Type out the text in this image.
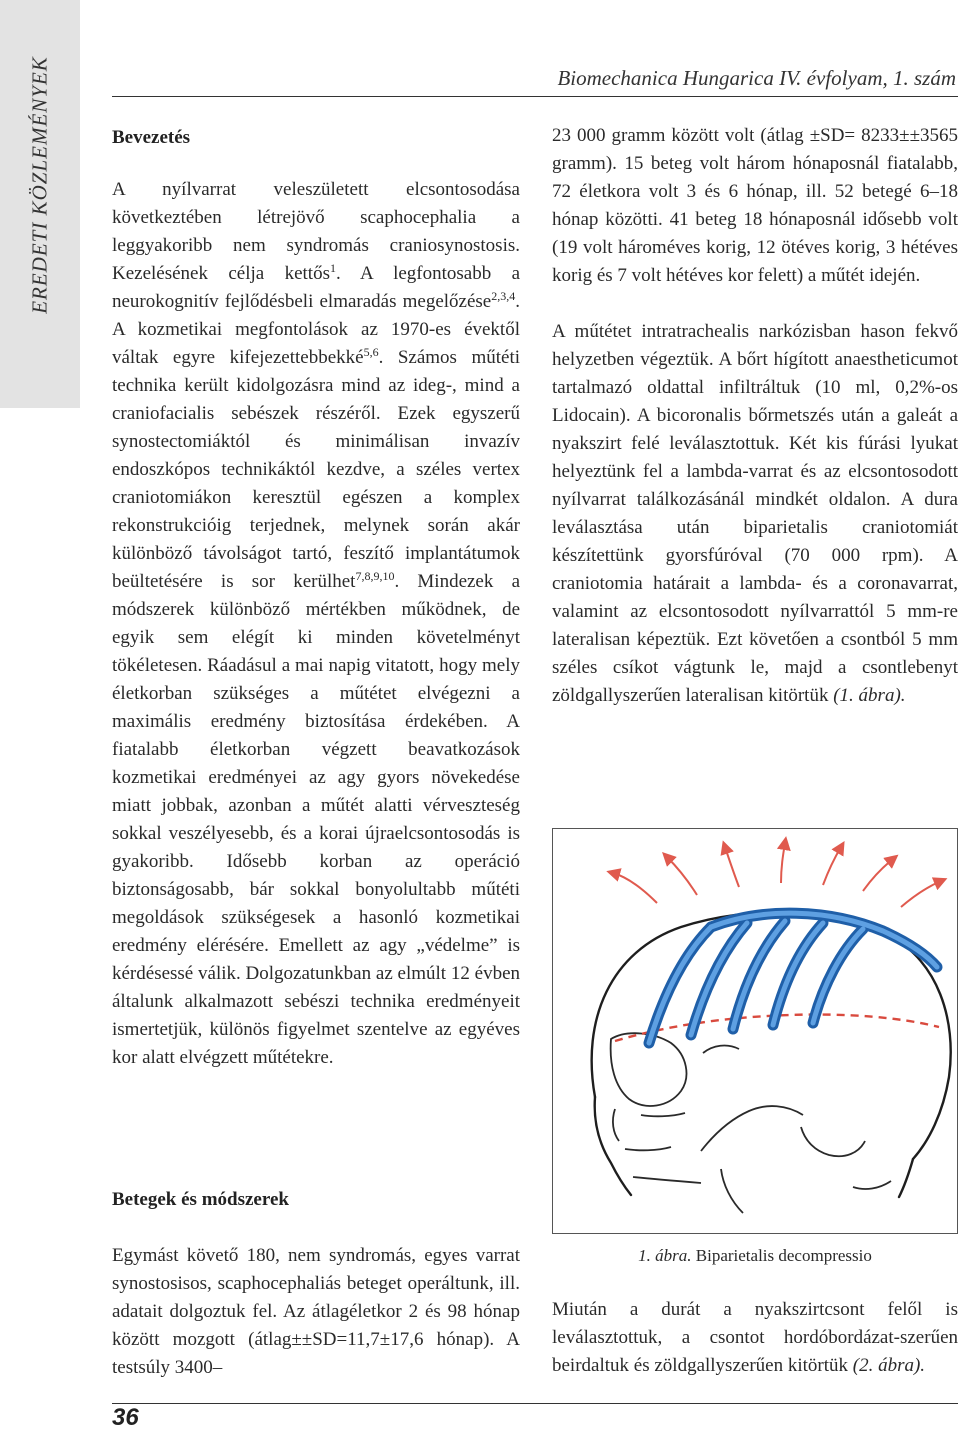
EREDETI KÖZLEMÉNYEK	Biomechanica Hungarica IV. évfolyam, 1. szám
Bevezetés

A nyílvarrat veleszületett elcsontosodása következtében létrejövő scaphocephalia a leggyakoribb nem syndromás craniosynostosis. Kezelésének célja kettős$^1$. A legfontosabb a neurokognitív fejlődésbeli elmaradás megelőzése$^{2,3,4}$. A kozmetikai megfontolások az 1970-es évektől váltak egyre kifejezettebbekké$^{5,6}$. Számos műtéti technika került kidolgozásra mind az ideg-, mind a craniofacialis sebészek részéről. Ezek egyszerű synostectomiáktól és minimálisan invazív endoszkópos technikáktól kezdve, a széles vertex craniotomiákon keresztül egészen a komplex rekonstrukcióig terjednek, melynek során akár különböző távolságot tartó, feszítő implantátumok beültetésére is sor kerülhet$^{7,8,9,10}$. Mindezek a módszerek különböző mértékben működnek, de egyik sem elégít ki minden követelményt tökéletesen. Ráadásul a mai napig vitatott, hogy mely életkorban szükséges a műtétet elvégezni a maximális eredmény biztosítása érdekében. A fiatalabb életkorban végzett beavatkozások kozmetikai eredményei az agy gyors növekedése miatt jobbak, azonban a műtét alatti vérveszteség sokkal veszélyesebb, és a korai újraelcsontosodás is gyakoribb. Idősebb korban az operáció biztonságosabb, bár sokkal bonyolultabb műtéti megoldások szükségesek a hasonló kozmetikai eredmény elérésére. Emellett az agy „védelme” is kérdésessé válik. Dolgozatunkban az elmúlt 12 évben általunk alkalmazott sebészi technika eredményeit ismertetjük, különös figyelmet szentelve az egyéves kor alatt elvégzett műtétekre.

Betegek és módszerek

Egymást követő 180, nem syndromás, egyes varrat synostosisos, scaphocephaliás beteget operáltunk, ill. adatait dolgoztuk fel. Az átlagéletkor 2 és 98 hónap között mozgott (átlag±±SD=11,7±17,6 hónap). A testsúly 3400–

23 000 gramm között volt (átlag ±SD= 8233±±3565 gramm). 15 beteg volt három hónaposnál fiatalabb, 72 életkora volt 3 és 6 hónap, ill. 52 betegé 6–18 hónap közötti. 41 beteg 18 hónaposnál idősebb volt (19 volt hároméves korig, 12 ötéves korig, 3 hétéves korig és 7 volt hétéves kor felett) a műtét idején.

A műtétet intratrachealis narkózisban hason fekvő helyzetben végeztük. A bőrt hígított anaestheticumot tartalmazó oldattal infiltráltuk (10 ml, 0,2%-os Lidocain). A bicoronalis bőrmetszés után a galeát a nyakszirt felé leválasztottuk. Két kis fúrási lyukat helyeztünk fel a lambda-varrat és az elcsontosodott nyílvarrat találkozásánál mindkét oldalon. A dura leválasztása után biparietalis craniotomiát készítettünk gyorsfúróval (70 000 rpm). A craniotomia határait a lambda- és a coronavarrat, valamint az elcsontosodott nyílvarrattól 5 mm-re lateralisan képeztük. Ezt követően a csontból 5 mm széles csíkot vágtunk le, majd a csontlebenyt zöldgallyszerűen lateralisan kitörtük (1. ábra).

1. ábra. Biparietalis decompressio

Miután a durát a nyakszirtcsont felől is leválasztottuk, a csontot hordóbordázat-szerűen beirdaltuk és zöldgallyszerűen kitörtük (2. ábra).

36
